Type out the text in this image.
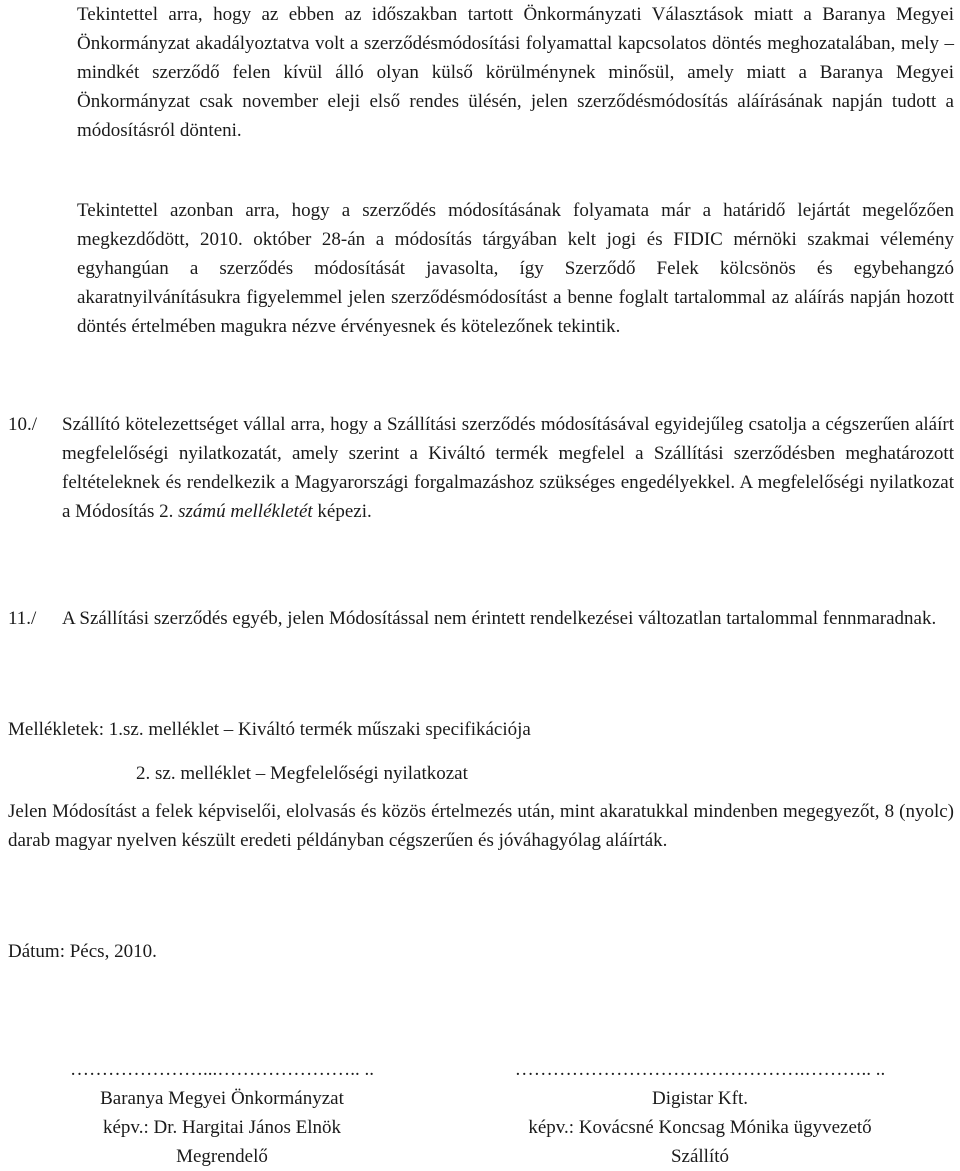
Tekintettel arra, hogy az ebben az időszakban tartott Önkormányzati Választások miatt a Baranya Megyei Önkormányzat akadályoztatva volt a szerződésmódosítási folyamattal kapcsolatos döntés meghozatalában, mely – mindkét szerződő felen kívül álló olyan külső körülménynek minősül, amely miatt a Baranya Megyei Önkormányzat csak november eleji első rendes ülésén, jelen szerződésmódosítás aláírásának napján tudott a módosításról dönteni.

Tekintettel azonban arra, hogy a szerződés módosításának folyamata már a határidő lejártát megelőzően megkezdődött, 2010. október 28-án a módosítás tárgyában kelt jogi és FIDIC mérnöki szakmai vélemény egyhangúan a szerződés módosítását javasolta, így Szerződő Felek kölcsönös és egybehangzó akaratnyilvánításukra figyelemmel jelen szerződésmódosítást a benne foglalt tartalommal az aláírás napján hozott döntés értelmében magukra nézve érvényesnek és kötelezőnek tekintik.

10./ Szállító kötelezettséget vállal arra, hogy a Szállítási szerződés módosításával egyidejűleg csatolja a cégszerűen aláírt megfelelőségi nyilatkozatát, amely szerint a Kiváltó termék megfelel a Szállítási szerződésben meghatározott feltételeknek és rendelkezik a Magyarországi forgalmazáshoz szükséges engedélyekkel. A megfelelőségi nyilatkozat a Módosítás 2. számú mellékletét képezi.
11./ A Szállítási szerződés egyéb, jelen Módosítással nem érintett rendelkezései változatlan tartalommal fennmaradnak.
Mellékletek: 1.sz. melléklet – Kiváltó termék műszaki specifikációja
2. sz. melléklet – Megfelelőségi nyilatkozat

Jelen Módosítást a felek képviselői, elolvasás és közös értelmezés után, mint akaratukkal mindenben megegyezőt, 8 (nyolc) darab magyar nyelven készült eredeti példányban cégszerűen és jóváhagyólag aláírták.

Dátum: Pécs, 2010.
…………………...………………….. ..
Baranya Megyei Önkormányzat
képv.: Dr. Hargitai János Elnök
Megrendelő
……………………………………….……….. ..
Digistar Kft.
képv.: Kovácsné Koncsag Mónika ügyvezető
Szállító
